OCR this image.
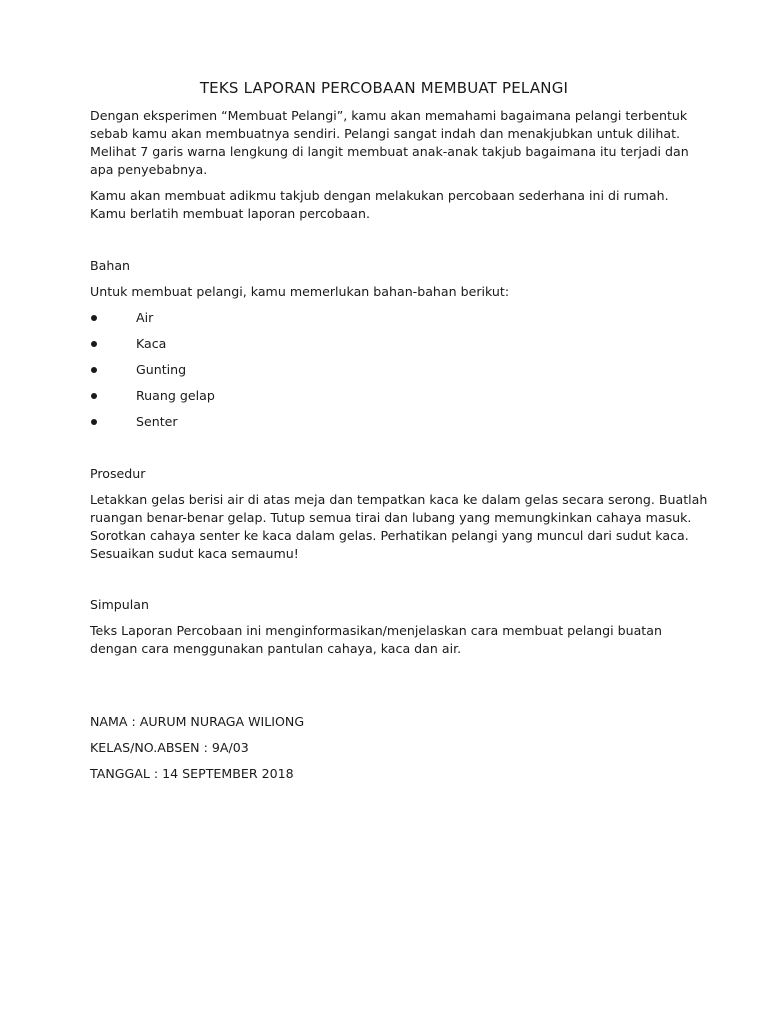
TEKS LAPORAN PERCOBAAN MEMBUAT PELANGI
Dengan eksperimen “Membuat Pelangi”, kamu akan memahami bagaimana pelangi terbentuk
sebab kamu akan membuatnya sendiri. Pelangi sangat indah dan menakjubkan untuk dilihat.
Melihat 7 garis warna lengkung di langit membuat anak-anak takjub bagaimana itu terjadi dan
apa penyebabnya.
Kamu akan membuat adikmu takjub dengan melakukan percobaan sederhana ini di rumah.
Kamu berlatih membuat laporan percobaan.
Bahan
Untuk membuat pelangi, kamu memerlukan bahan-bahan berikut:
Air
Kaca
Gunting
Ruang gelap
Senter
Prosedur
Letakkan gelas berisi air di atas meja dan tempatkan kaca ke dalam gelas secara serong. Buatlah
ruangan benar-benar gelap. Tutup semua tirai dan lubang yang memungkinkan cahaya masuk.
Sorotkan cahaya senter ke kaca dalam gelas. Perhatikan pelangi yang muncul dari sudut kaca.
Sesuaikan sudut kaca semaumu!
Simpulan
Teks Laporan Percobaan ini menginformasikan/menjelaskan cara membuat pelangi buatan
dengan cara menggunakan pantulan cahaya, kaca dan air.
NAMA : AURUM NURAGA WILIONG
KELAS/NO.ABSEN : 9A/03
TANGGAL : 14 SEPTEMBER 2018
